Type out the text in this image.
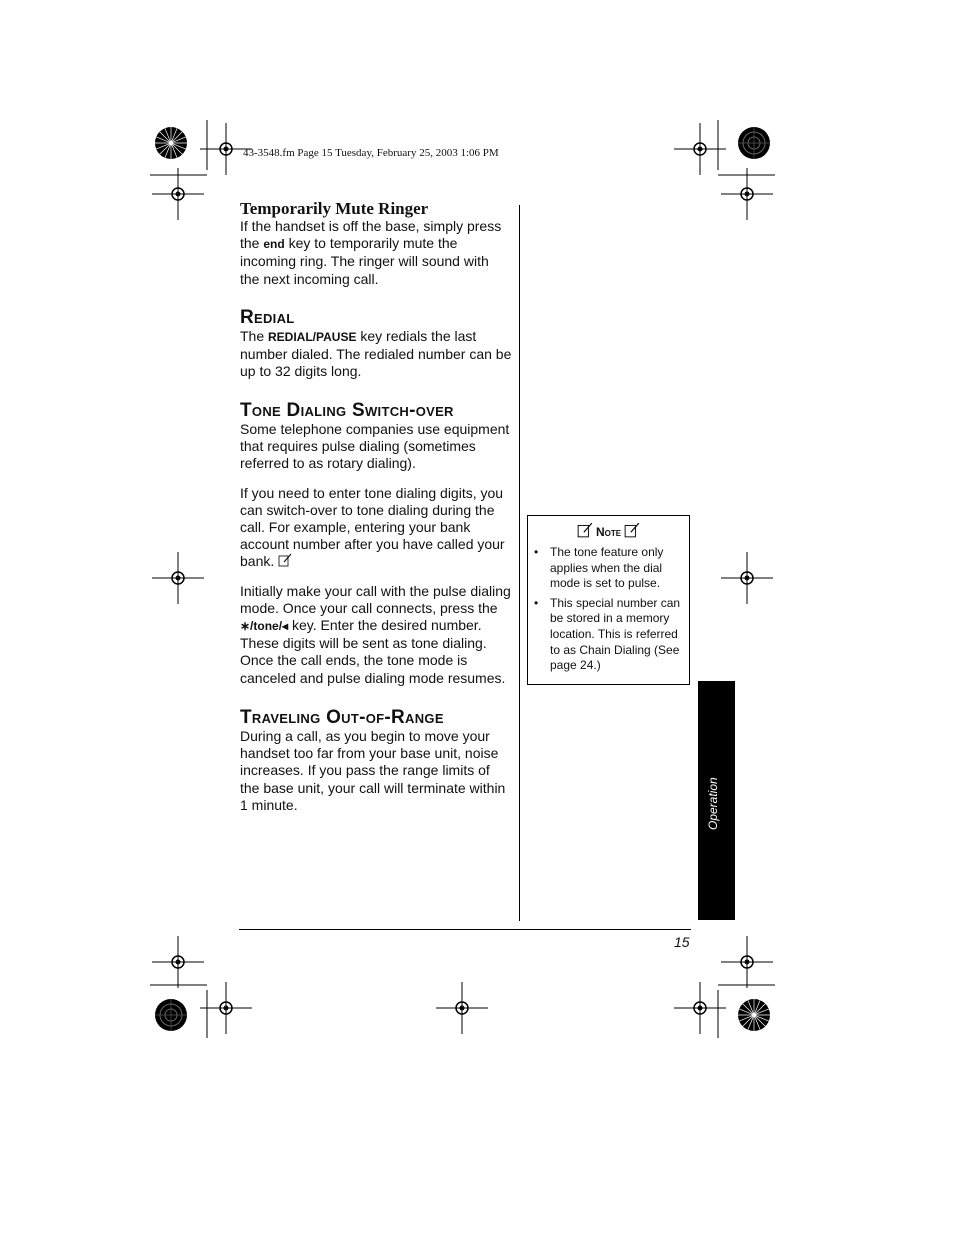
43-3548.fm Page 15 Tuesday, February 25, 2003 1:06 PM
Temporarily Mute Ringer

If the handset is off the base, simply press the end key to temporarily mute the incoming ring. The ringer will sound with the next incoming call.

Redial

The REDIAL/PAUSE key redials the last number dialed. The redialed number can be up to 32 digits long.

Tone Dialing Switch-over

Some telephone companies use equipment that requires pulse dialing (sometimes referred to as rotary dialing).

If you need to enter tone dialing digits, you can switch-over to tone dialing during the call. For example, entering your bank account number after you have called your bank.

Initially make your call with the pulse dialing mode. Once your call connects, press the ∗/tone/◂ key. Enter the desired number. These digits will be sent as tone dialing. Once the call ends, the tone mode is canceled and pulse dialing mode resumes.

Traveling Out-of-Range

During a call, as you begin to move your handset too far from your base unit, noise increases. If you pass the range limits of the base unit, your call will terminate within 1 minute.

Note
• The tone feature only applies when the dial mode is set to pulse.
• This special number can be stored in a memory location. This is referred to as Chain Dialing (See page 24.)
Operation
15
